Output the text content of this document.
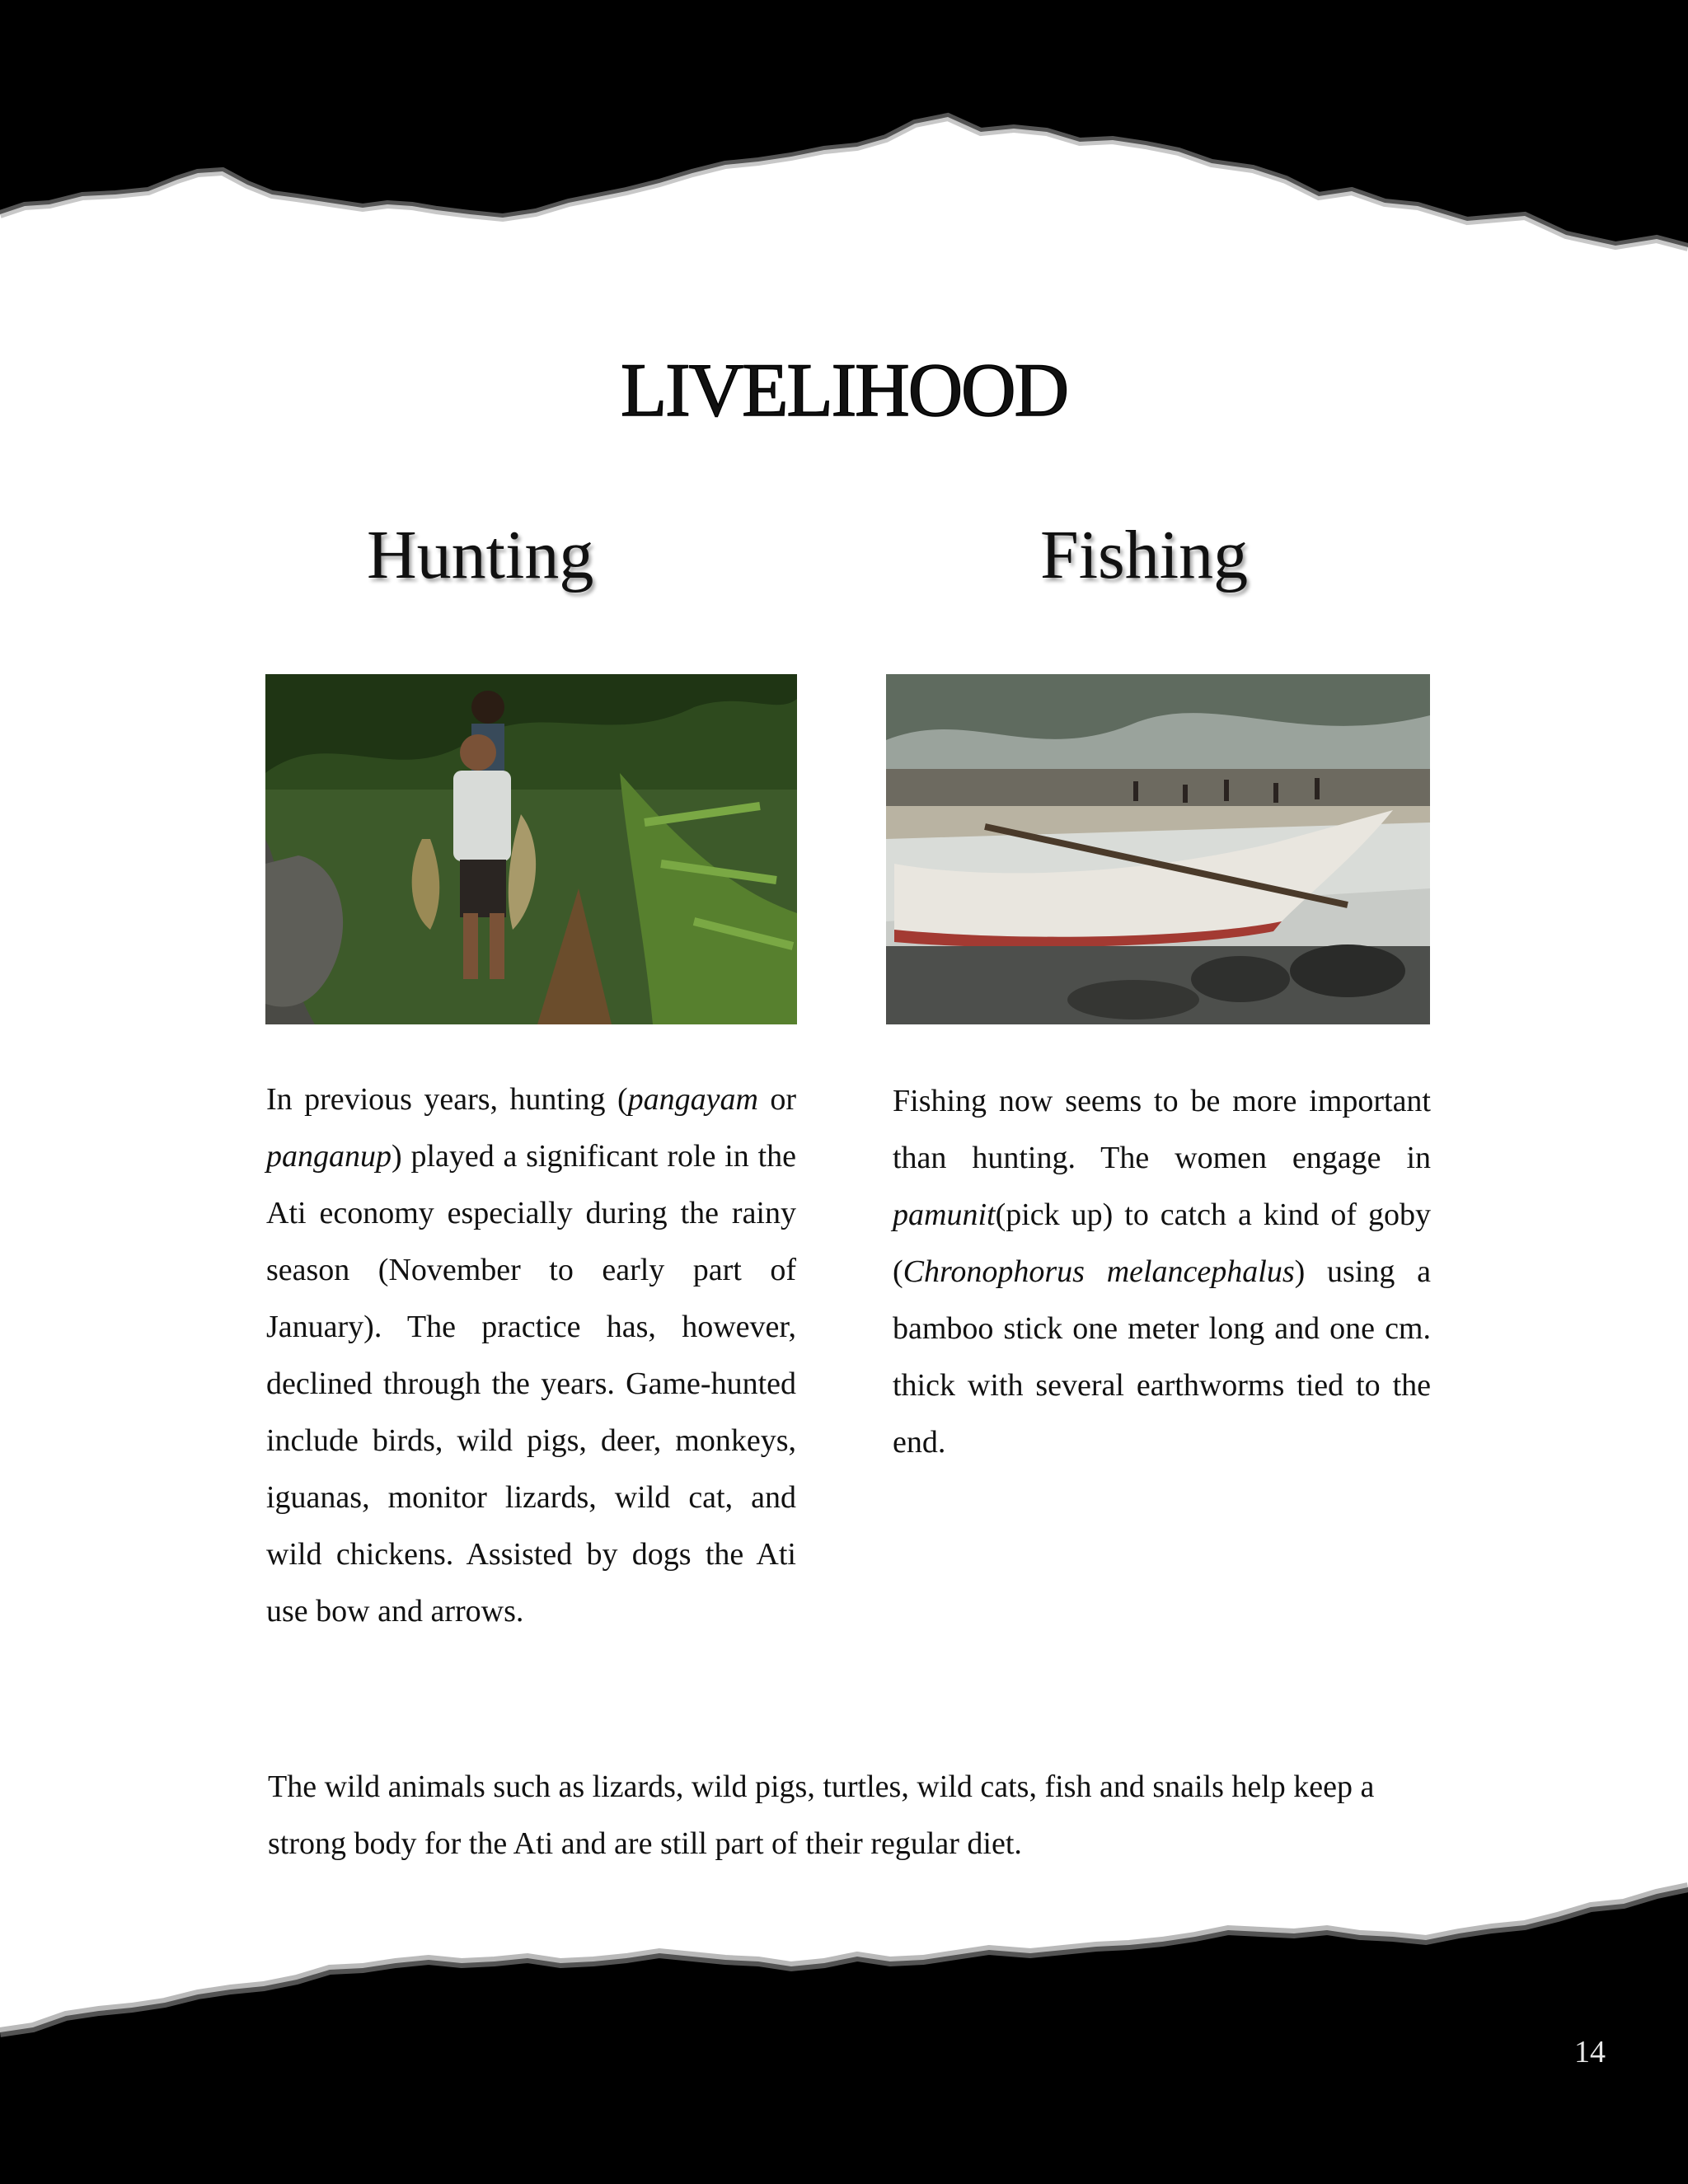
LIVELIHOOD
Hunting	Fishing

In previous years, hunting (pangayam or panganup) played a significant role in the Ati economy especially during the rainy season (November to early part of January). The practice has, however, declined through the years. Game-hunted include birds, wild pigs, deer, monkeys, iguanas, monitor lizards, wild cat, and wild chickens. Assisted by dogs the Ati use bow and arrows.

Fishing now seems to be more important than hunting. The women engage in pamunit(pick up) to catch a kind of goby (Chronophorus melancephalus) using a bamboo stick one meter long and one cm. thick with several earthworms tied to the end.

The wild animals such as lizards, wild pigs, turtles, wild cats, fish and snails help keep a strong body for the Ati and are still part of their regular diet.

14
